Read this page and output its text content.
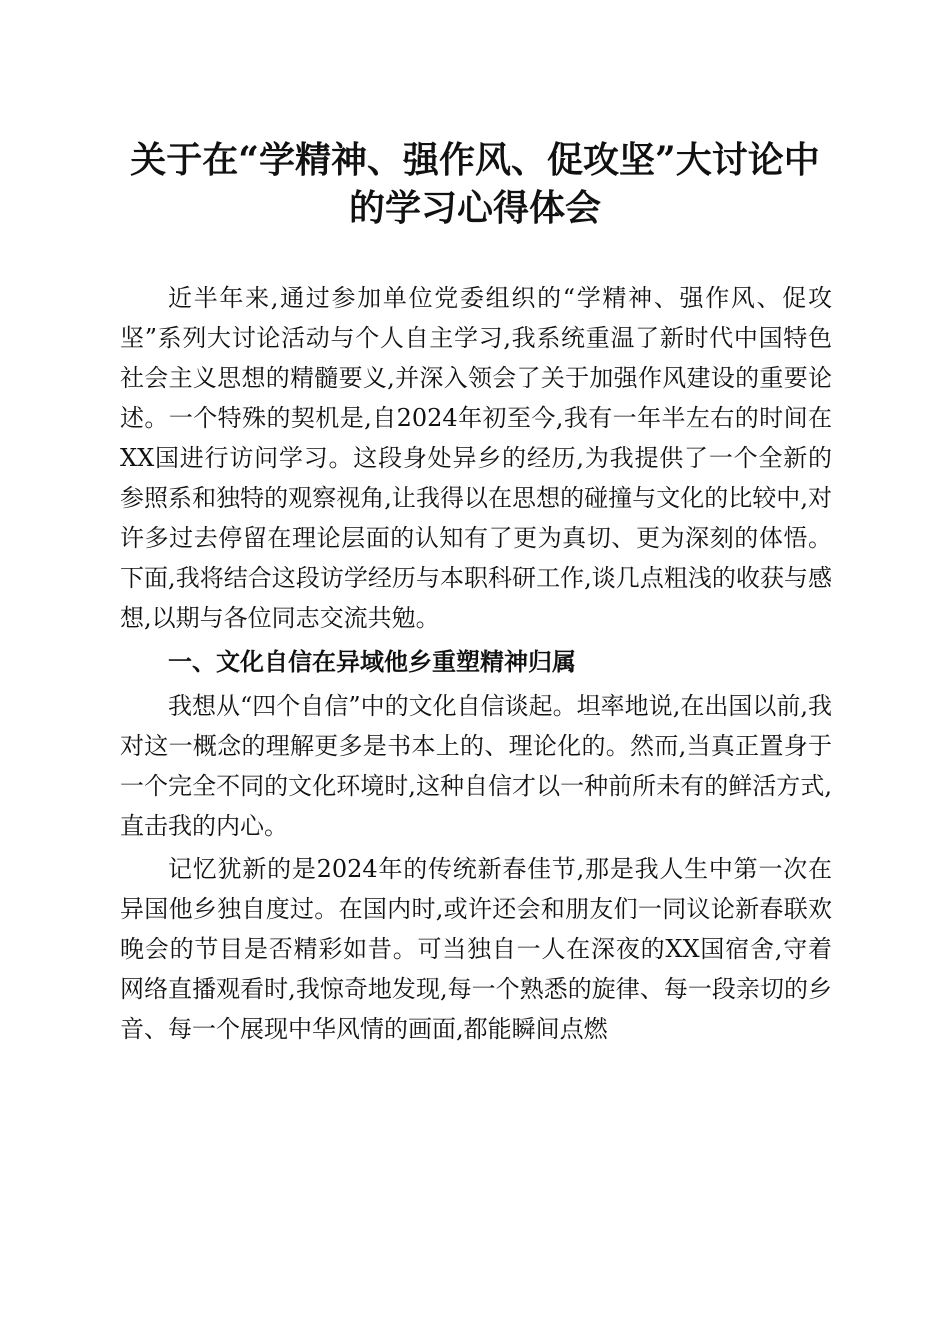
关于在“学精神、强作风、促攻坚”大讨论中
的学习心得体会

近半年来,通过参加单位党委组织的“学精神、强作风、促攻坚”系列大讨论活动与个人自主学习,我系统重温了新时代中国特色社会主义思想的精髓要义,并深入领会了关于加强作风建设的重要论述。一个特殊的契机是,自2024年初至今,我有一年半左右的时间在XX国进行访问学习。这段身处异乡的经历,为我提供了一个全新的参照系和独特的观察视角,让我得以在思想的碰撞与文化的比较中,对许多过去停留在理论层面的认知有了更为真切、更为深刻的体悟。下面,我将结合这段访学经历与本职科研工作,谈几点粗浅的收获与感想,以期与各位同志交流共勉。

一、文化自信在异域他乡重塑精神归属

我想从“四个自信”中的文化自信谈起。坦率地说,在出国以前,我对这一概念的理解更多是书本上的、理论化的。然而,当真正置身于一个完全不同的文化环境时,这种自信才以一种前所未有的鲜活方式,直击我的内心。

记忆犹新的是2024年的传统新春佳节,那是我人生中第一次在异国他乡独自度过。在国内时,或许还会和朋友们一同议论新春联欢晚会的节目是否精彩如昔。可当独自一人在深夜的XX国宿舍,守着网络直播观看时,我惊奇地发现,每一个熟悉的旋律、每一段亲切的乡音、每一个展现中华风情的画面,都能瞬间点燃
